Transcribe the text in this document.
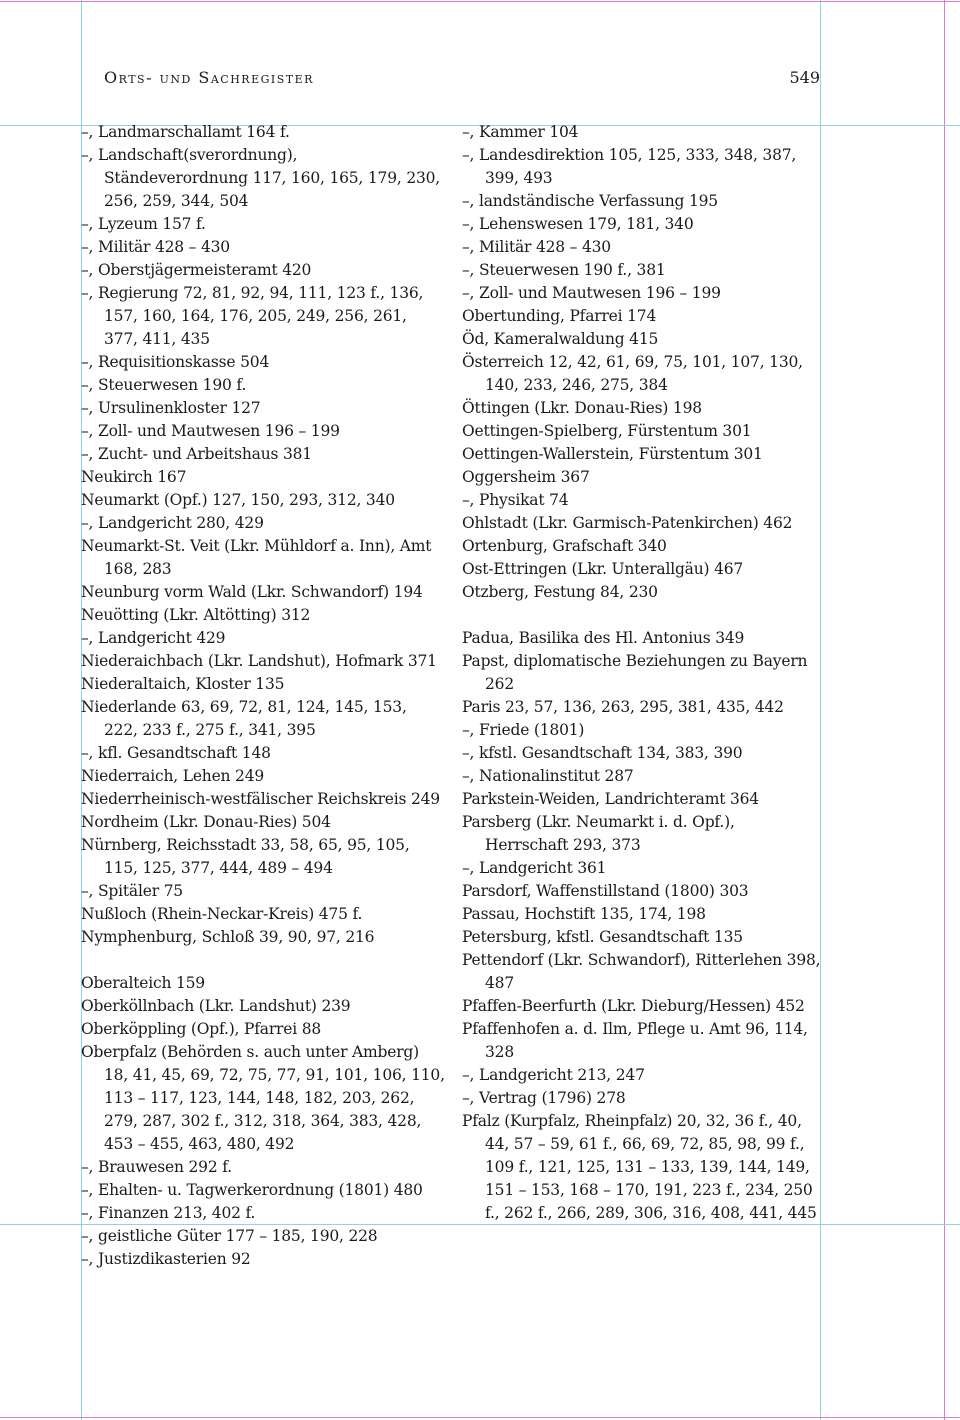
Orts- und Sachregister	549

–, Landmarschallamt 164 f.

–, Landschaft(sverordnung), Ständeverordnung 117, 160, 165, 179, 230, 256, 259, 344, 504

–, Lyzeum 157 f.

–, Militär 428 – 430

–, Oberstjägermeisteramt 420

–, Regierung 72, 81, 92, 94, 111, 123 f., 136, 157, 160, 164, 176, 205, 249, 256, 261, 377, 411, 435

–, Requisitionskasse 504

–, Steuerwesen 190 f.

–, Ursulinenkloster 127

–, Zoll- und Mautwesen 196 – 199

–, Zucht- und Arbeitshaus 381

Neukirch 167

Neumarkt (Opf.) 127, 150, 293, 312, 340

–, Landgericht 280, 429

Neumarkt-St. Veit (Lkr. Mühldorf a. Inn), Amt 168, 283

Neunburg vorm Wald (Lkr. Schwandorf) 194

Neuötting (Lkr. Altötting) 312

–, Landgericht 429

Niederaichbach (Lkr. Landshut), Hofmark 371

Niederaltaich, Kloster 135

Niederlande 63, 69, 72, 81, 124, 145, 153, 222, 233 f., 275 f., 341, 395

–, kfl. Gesandtschaft 148

Niederraich, Lehen 249

Niederrheinisch-westfälischer Reichskreis 249

Nordheim (Lkr. Donau-Ries) 504

Nürnberg, Reichsstadt 33, 58, 65, 95, 105, 115, 125, 377, 444, 489 – 494

–, Spitäler 75

Nußloch (Rhein-Neckar-Kreis) 475 f.

Nymphenburg, Schloß 39, 90, 97, 216

Oberalteich 159

Oberköllnbach (Lkr. Landshut) 239

Oberköppling (Opf.), Pfarrei 88

Oberpfalz (Behörden s. auch unter Amberg) 18, 41, 45, 69, 72, 75, 77, 91, 101, 106, 110, 113 – 117, 123, 144, 148, 182, 203, 262, 279, 287, 302 f., 312, 318, 364, 383, 428, 453 – 455, 463, 480, 492

–, Brauwesen 292 f.

–, Ehalten- u. Tagwerkerordnung (1801) 480

–, Finanzen 213, 402 f.

–, geistliche Güter 177 – 185, 190, 228

–, Justizdikasterien 92

–, Kammer 104

–, Landesdirektion 105, 125, 333, 348, 387, 399, 493

–, landständische Verfassung 195

–, Lehenswesen 179, 181, 340

–, Militär 428 – 430

–, Steuerwesen 190 f., 381

–, Zoll- und Mautwesen 196 – 199

Obertunding, Pfarrei 174

Öd, Kameralwaldung 415

Österreich 12, 42, 61, 69, 75, 101, 107, 130, 140, 233, 246, 275, 384

Öttingen (Lkr. Donau-Ries) 198

Oettingen-Spielberg, Fürstentum 301

Oettingen-Wallerstein, Fürstentum 301

Oggersheim 367

–, Physikat 74

Ohlstadt (Lkr. Garmisch-Patenkirchen) 462

Ortenburg, Grafschaft 340

Ost-Ettringen (Lkr. Unterallgäu) 467

Otzberg, Festung 84, 230

Padua, Basilika des Hl. Antonius 349

Papst, diplomatische Beziehungen zu Bayern 262

Paris 23, 57, 136, 263, 295, 381, 435, 442

–, Friede (1801)

–, kfstl. Gesandtschaft 134, 383, 390

–, Nationalinstitut 287

Parkstein-Weiden, Landrichteramt 364

Parsberg (Lkr. Neumarkt i. d. Opf.), Herrschaft 293, 373

–, Landgericht 361

Parsdorf, Waffenstillstand (1800) 303

Passau, Hochstift 135, 174, 198

Petersburg, kfstl. Gesandtschaft 135

Pettendorf (Lkr. Schwandorf), Ritterlehen 398, 487

Pfaffen-Beerfurth (Lkr. Dieburg/Hessen) 452

Pfaffenhofen a. d. Ilm, Pflege u. Amt 96, 114, 328

–, Landgericht 213, 247

–, Vertrag (1796) 278

Pfalz (Kurpfalz, Rheinpfalz) 20, 32, 36 f., 40, 44, 57 – 59, 61 f., 66, 69, 72, 85, 98, 99 f., 109 f., 121, 125, 131 – 133, 139, 144, 149, 151 – 153, 168 – 170, 191, 223 f., 234, 250 f., 262 f., 266, 289, 306, 316, 408, 441, 445
